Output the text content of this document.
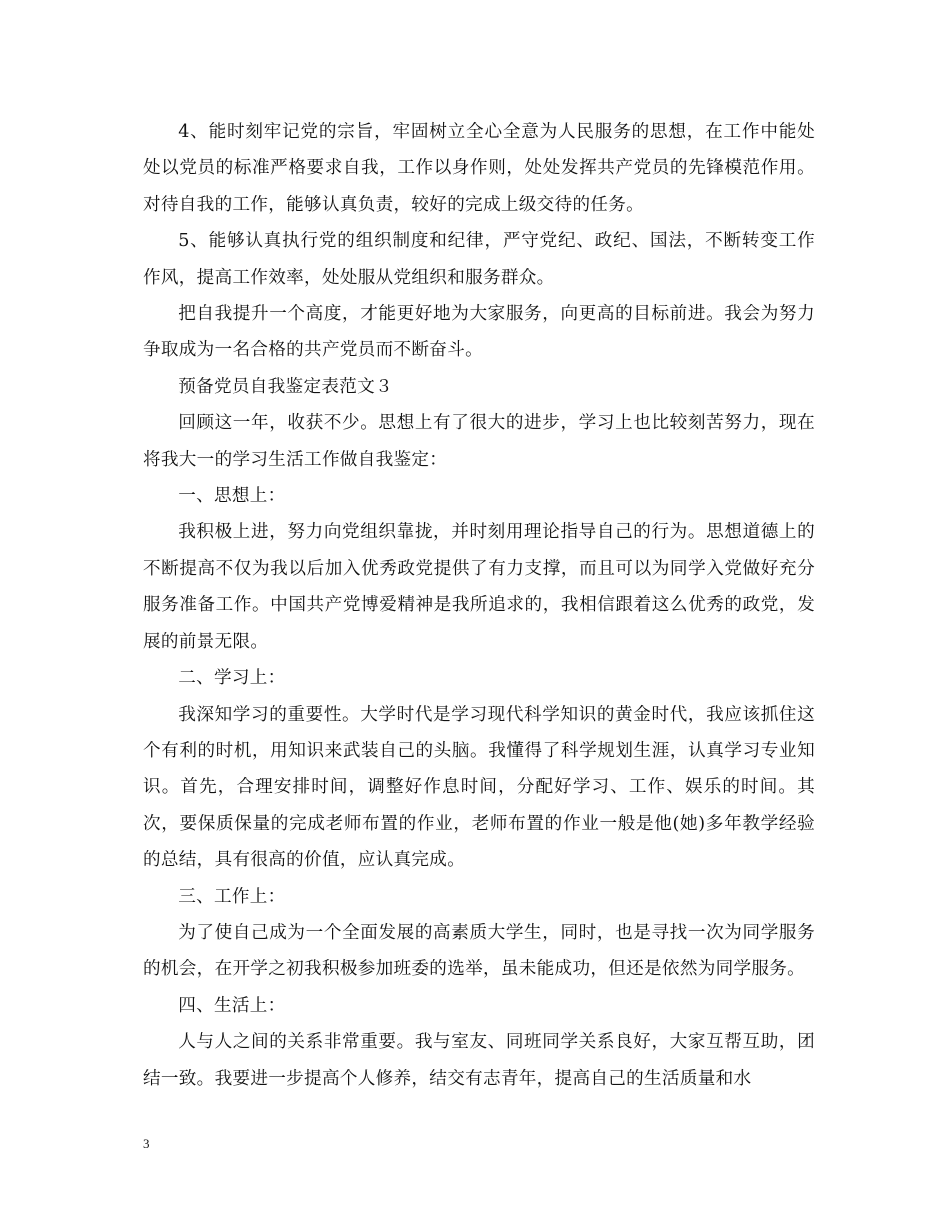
4、能时刻牢记党的宗旨，牢固树立全心全意为人民服务的思想，在工作中能处处以党员的标准严格要求自我，工作以身作则，处处发挥共产党员的先锋模范作用。对待自我的工作，能够认真负责，较好的完成上级交待的任务。

5、能够认真执行党的组织制度和纪律，严守党纪、政纪、国法，不断转变工作作风，提高工作效率，处处服从党组织和服务群众。

把自我提升一个高度，才能更好地为大家服务，向更高的目标前进。我会为努力争取成为一名合格的共产党员而不断奋斗。

预备党员自我鉴定表范文３

回顾这一年，收获不少。思想上有了很大的进步，学习上也比较刻苦努力，现在将我大一的学习生活工作做自我鉴定：

一、思想上：

我积极上进，努力向党组织靠拢，并时刻用理论指导自己的行为。思想道德上的不断提高不仅为我以后加入优秀政党提供了有力支撑，而且可以为同学入党做好充分服务准备工作。中国共产党博爱精神是我所追求的，我相信跟着这么优秀的政党，发展的前景无限。

二、学习上：

我深知学习的重要性。大学时代是学习现代科学知识的黄金时代，我应该抓住这个有利的时机，用知识来武装自己的头脑。我懂得了科学规划生涯，认真学习专业知识。首先，合理安排时间，调整好作息时间，分配好学习、工作、娱乐的时间。其次，要保质保量的完成老师布置的作业，老师布置的作业一般是他(她)多年教学经验的总结，具有很高的价值，应认真完成。

三、工作上：

为了使自己成为一个全面发展的高素质大学生，同时，也是寻找一次为同学服务的机会，在开学之初我积极参加班委的选举，虽未能成功，但还是依然为同学服务。

四、生活上：

人与人之间的关系非常重要。我与室友、同班同学关系良好，大家互帮互助，团结一致。我要进一步提高个人修养，结交有志青年，提高自己的生活质量和水

3
